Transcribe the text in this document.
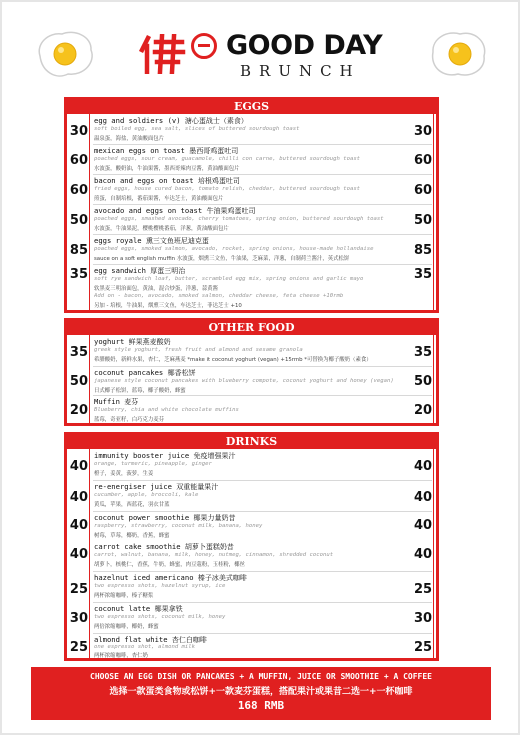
GOOD DAY
BRUNCH
EGGS
30
egg and soldiers (v) 溏心蛋战士（素食）
soft boiled egg, sea salt, slices of buttered sourdough toast
温泉蛋，海盐，黄油酸面包片
60
mexican eggs on toast 墨西哥鸡蛋吐司
poached eggs, sour cream, guacamole, chilli con carne, buttered sourdough toast
水波蛋，酸奶油，牛油果酱，墨西哥辣肉豆酱，黄油酸面包片
60
bacon and eggs on toast 培根鸡蛋吐司
fried eggs, house cured bacon, tomato relish, cheddar, buttered sourdough toast
煎蛋，自制培根，番茄果酱，车达芝士，黄油酸面包片
50
avocado and eggs on toast 牛油果鸡蛋吐司
poached eggs, smashed avocado, cherry tomatoes, spring onion, buttered sourdough toast
水波蛋，牛油果泥，樱桃樱桃番茄，洋葱，黄油酸面包片
85
eggs royale 熏三文鱼班尼迪克蛋
poached eggs, smoked salmon, avocado, rocket, spring onions, house-made hollandaise
sauce on a soft english muffin 水波蛋，烟熏三文鱼，牛油果，芝麻菜，洋葱，自制荷兰酱汁，英式松饼
35 egg sandwich 厚蛋三明治
soft rye sandwich loaf, butter, scrambled egg mix, spring onions and garlic mayo
软黑麦三明治面包，黄油，混合炒蛋，洋葱，蒜黄酱
Add on - bacon, avocado, smoked salmon, cheddar cheese, feta cheese +10rmb
另加 - 培根，牛油果，烟熏三文鱼，车达芝士，菲达芝士 +10
30
60
60
50
85
35
OTHER FOOD
35
yoghurt 鲜果燕麦酸奶
greek style yoghurt, fresh fruit and almond and sesame granola
希腊酸奶，新鲜水果，杏仁，芝麻燕麦 *make it coconut yoghurt (vegan) +15rmb *可替换为椰子酸奶（素食）
50
coconut pancakes 椰香松饼
japanese style coconut pancakes with blueberry compote, coconut yoghurt and honey (vegan)
日式椰子松饼，蓝莓，椰子酸奶，蜂蜜
20
Muffin 麦芬
Blueberry, chia and white chocolate muffins
蓝莓，奇亚籽，白巧克力麦芬
35
50
20
DRINKS
40
immunity booster juice 免疫增强果汁
orange, turmeric, pineapple, ginger
橙子，姜黄，菠萝，生姜
40
re-energiser juice 双重能量果汁
cucumber, apple, broccoli, kale
黄瓜，苹果，西蓝花，羽衣甘蓝
40
coconut power smoothie 椰果力量奶昔
raspberry, strawberry, coconut milk, banana, honey
树莓，草莓，椰奶，香蕉，蜂蜜
40
carrot cake smoothie 胡萝卜蛋糕奶昔
carrot, walnut, banana, milk, honey, nutmeg, cinnamon, shredded coconut
胡萝卜，核桃仁，香蕉，牛奶，蜂蜜，肉豆蔻粉，玉桂粉，椰丝
25
hazelnut iced americano 榛子冰美式咖啡
two espresso shots, hazelnut syrup, ice
两杯浓缩咖啡，榛子糖浆
30
coconut latte 椰果拿铁
two espresso shots, coconut milk, honey
两倍浓缩咖啡，椰奶，蜂蜜
25
almond flat white 杏仁白咖啡
one espresso shot, almond milk
两杯浓缩咖啡，杏仁奶
40
40
40
40
25
30
25
CHOOSE AN EGG DISH OR PANCAKES + A MUFFIN, JUICE OR SMOOTHIE + A COFFEE
选择一款蛋类食物或松饼+一款麦芬蛋糕，搭配果汁或果昔二选一+一杯咖啡
168 RMB
